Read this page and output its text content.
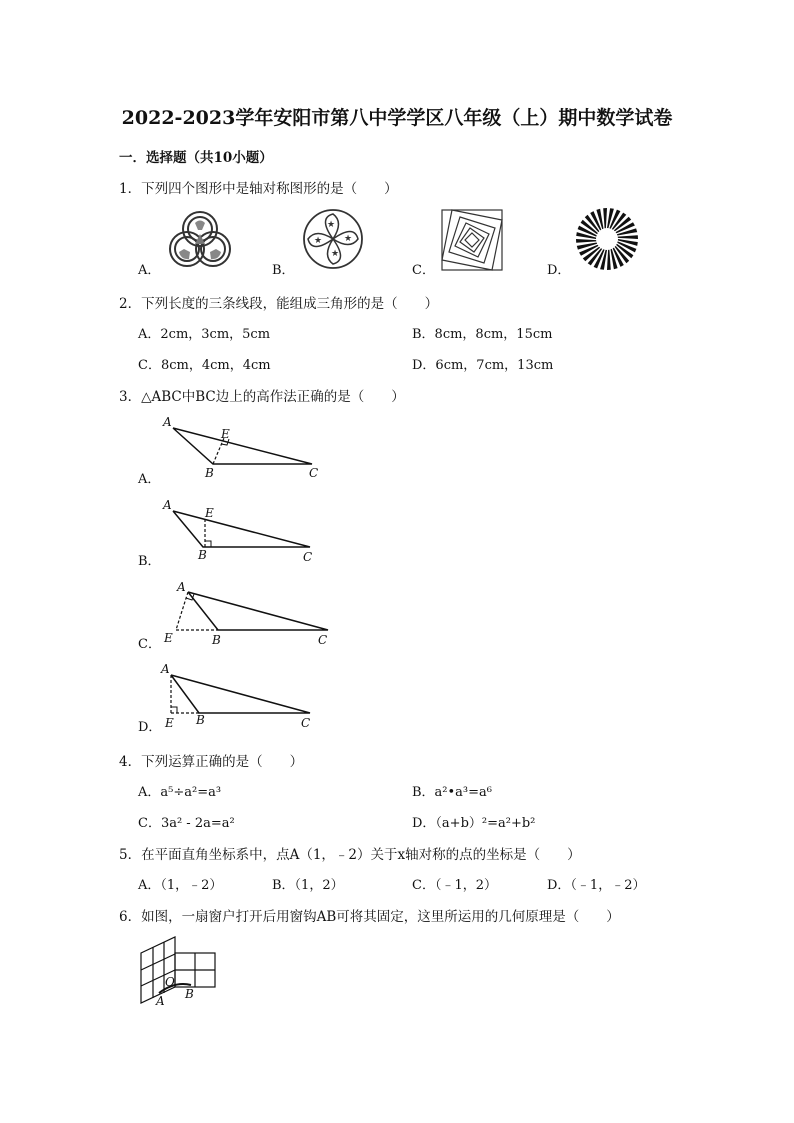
2022-2023学年安阳市第八中学学区八年级（上）期中数学试卷
一．选择题（共10小题）
1．下列四个图形中是轴对称图形的是（　　）
A．	B．	C．	D．
★
★
★
★
2．下列长度的三条线段，能组成三角形的是（　　）
A．2cm，3cm，5cm	B．8cm，8cm，15cm
C．8cm，4cm，4cm	D．6cm，7cm，13cm
3．△ABC中BC边上的高作法正确的是（　　）
A．
B．
C．
D．
A
E
B	C
A
E
B	C
A
E	B	C
A
E B	C
4．下列运算正确的是（　　）
A．a⁵÷a²=a³	B．a²•a³=a⁶
C．3a² - 2a=a²	D．（a+b）²=a²+b²
5．在平面直角坐标系中，点A（1，﹣2）关于x轴对称的点的坐标是（　　）
A．（1，﹣2）	B．（1，2）	C．（﹣1，2）	D．（﹣1，﹣2）
6．如图，一扇窗户打开后用窗钩AB可将其固定，这里所运用的几何原理是（　　）
O
A B
